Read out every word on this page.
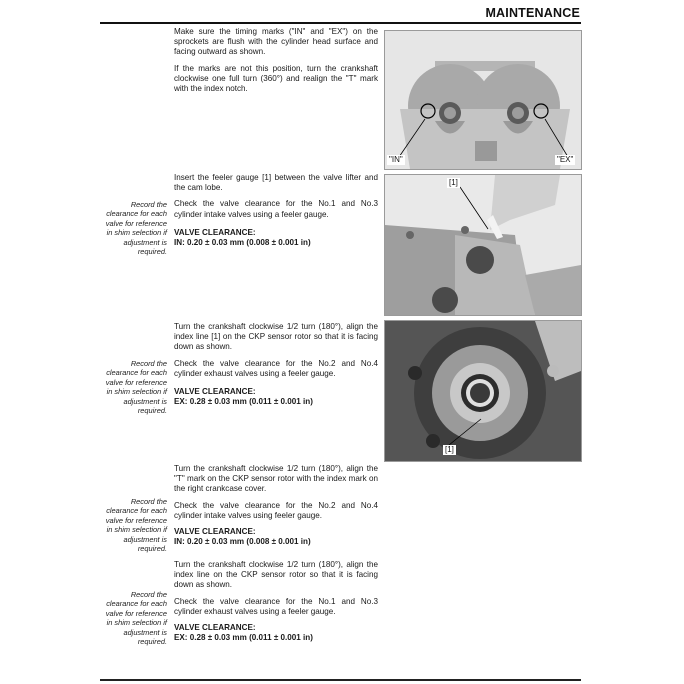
MAINTENANCE

Make sure the timing marks ("IN" and "EX") on the sprockets are flush with the cylinder head surface and facing outward as shown.

If the marks are not this position, turn the crankshaft clockwise one full turn (360°) and realign the "T" mark with the index notch.

"IN"	"EX"

Insert the feeler gauge [1] between the valve lifter and the cam lobe.

Check the valve clearance for the No.1 and No.3 cylinder intake valves using a feeler gauge.

VALVE CLEARANCE:
IN: 0.20 ± 0.03 mm (0.008 ± 0.001 in)
Record the clearance for each valve for reference in shim selection if adjustment is required.
[1]

Turn the crankshaft clockwise 1/2 turn (180°), align the index line [1] on the CKP sensor rotor so that it is facing down as shown.

Check the valve clearance for the No.2 and No.4 cylinder exhaust valves using a feeler gauge.

VALVE CLEARANCE:
EX: 0.28 ± 0.03 mm (0.011 ± 0.001 in)
Record the clearance for each valve for reference in shim selection if adjustment is required.
[1]

Turn the crankshaft clockwise 1/2 turn (180°), align the "T" mark on the CKP sensor rotor with the index mark on the right crankcase cover.

Check the valve clearance for the No.2 and No.4 cylinder intake valves using feeler gauge.

VALVE CLEARANCE:
IN: 0.20 ± 0.03 mm (0.008 ± 0.001 in)
Record the clearance for each valve for reference in shim selection if adjustment is required.

Turn the crankshaft clockwise 1/2 turn (180°), align the index line on the CKP sensor rotor so that it is facing down as shown.

Check the valve clearance for the No.1 and No.3 cylinder exhaust valves using a feeler gauge.

VALVE CLEARANCE:
EX: 0.28 ± 0.03 mm (0.011 ± 0.001 in)
Record the clearance for each valve for reference in shim selection if adjustment is required.
